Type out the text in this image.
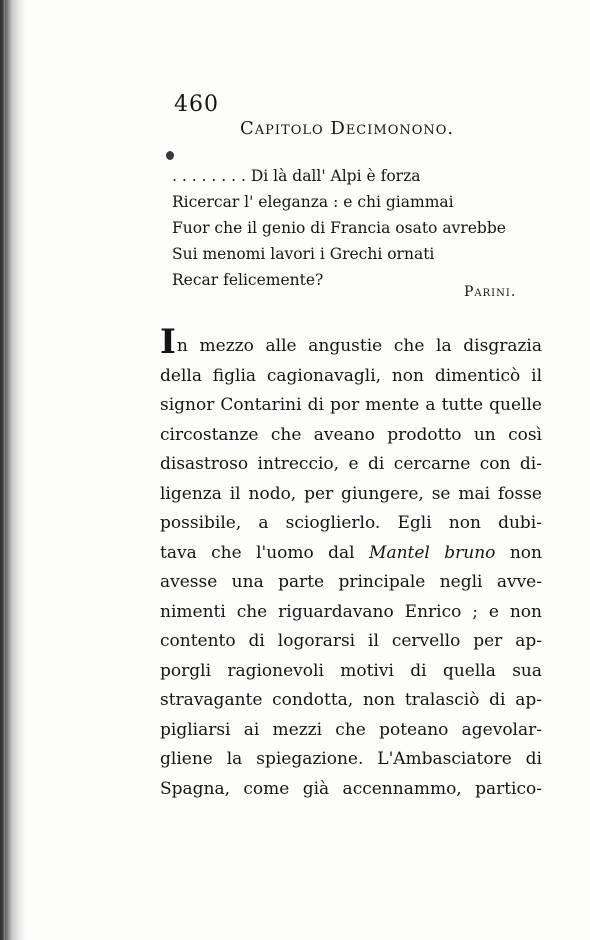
460
Capitolo Decimonono.
. . . . . . . . Di là dall' Alpi è forza
Ricercar l' eleganza : e chi giammai
Fuor che il genio di Francia osato avrebbe
Sui menomi lavori i Grechi ornati
Recar felicemente?
Parini.
In mezzo alle angustie che la disgrazia
della figlia cagionavagli, non dimenticò il
signor Contarini di por mente a tutte quelle
circostanze che aveano prodotto un così
disastroso intreccio, e di cercarne con di-
ligenza il nodo, per giungere, se mai fosse
possibile, a scioglierlo. Egli non dubi-
tava che l'uomo dal Mantel bruno non
avesse una parte principale negli avve-
nimenti che riguardavano Enrico ; e non
contento di logorarsi il cervello per ap-
porgli ragionevoli motivi di quella sua
stravagante condotta, non tralasciò di ap-
pigliarsi ai mezzi che poteano agevolar-
gliene la spiegazione. L'Ambasciatore di
Spagna, come già accennammo, partico-
